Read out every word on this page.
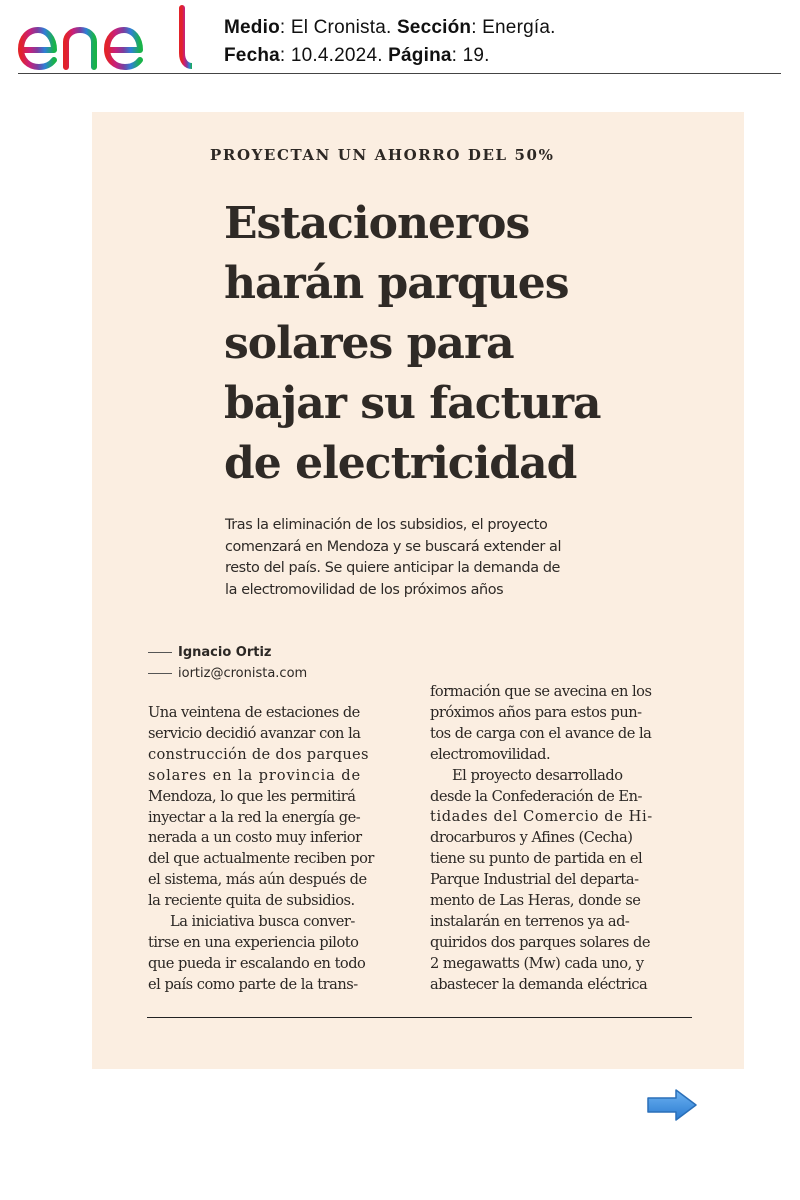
Medio: El Cronista. Sección: Energía.
Fecha: 10.4.2024. Página: 19.
PROYECTAN UN AHORRO DEL 50%
Estacioneros
harán parques
solares para
bajar su factura
de electricidad
Tras la eliminación de los subsidios, el proyecto
comenzará en Mendoza y se buscará extender al
resto del país. Se quiere anticipar la demanda de
la electromovilidad de los próximos años
Ignacio Ortiz
iortiz@cronista.com
Una veintena de estaciones de
servicio decidió avanzar con la
construcción de dos parques
solares en la provincia de
Mendoza, lo que les permitirá
inyectar a la red la energía ge-
nerada a un costo muy inferior
del que actualmente reciben por
el sistema, más aún después de
la reciente quita de subsidios.
La iniciativa busca conver-
tirse en una experiencia piloto
que pueda ir escalando en todo
el país como parte de la trans-
formación que se avecina en los
próximos años para estos pun-
tos de carga con el avance de la
electromovilidad.
El proyecto desarrollado
desde la Confederación de En-
tidades del Comercio de Hi-
drocarburos y Afines (Cecha)
tiene su punto de partida en el
Parque Industrial del departa-
mento de Las Heras, donde se
instalarán en terrenos ya ad-
quiridos dos parques solares de
2 megawatts (Mw) cada uno, y
abastecer la demanda eléctrica
